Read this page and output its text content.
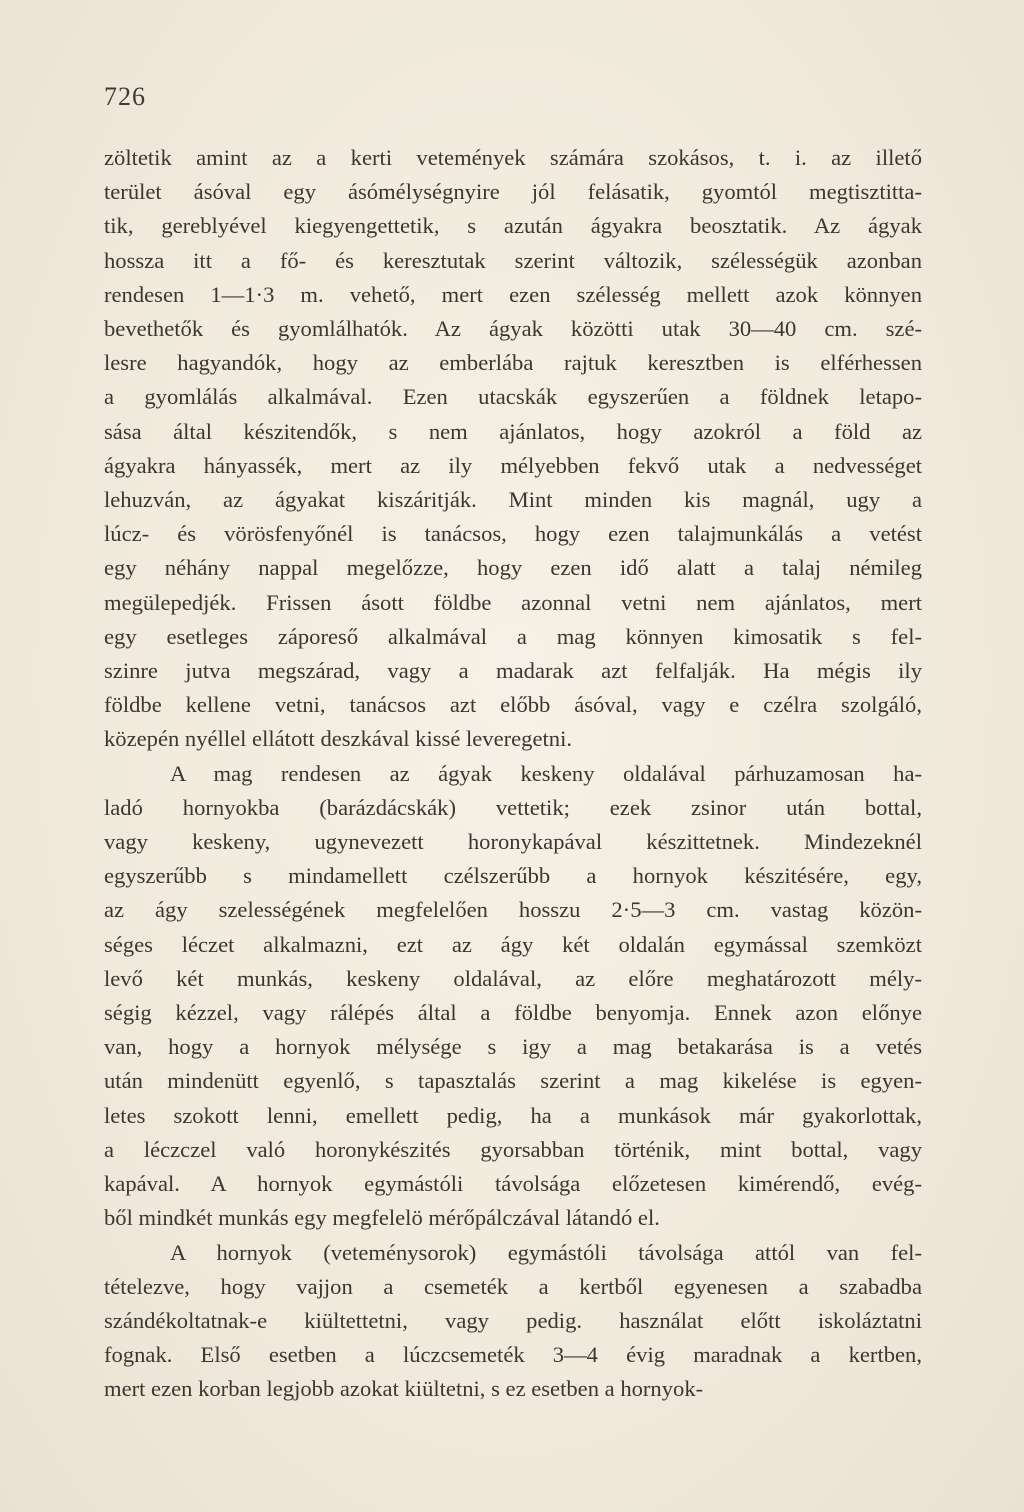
726
zöltetik amint az a kerti vetemények számára szokásos, t. i. az illető
terület ásóval egy ásómélységnyire jól felásatik, gyomtól megtisztitta-
tik, gereblyével kiegyengettetik, s azután ágyakra beosztatik. Az ágyak
hossza itt a fő- és keresztutak szerint változik, szélességük azonban
rendesen 1—1·3 m. vehető, mert ezen szélesség mellett azok könnyen
bevethetők és gyomlálhatók. Az ágyak közötti utak 30—40 cm. szé-
lesre hagyandók, hogy az emberlába rajtuk keresztben is elférhessen
a gyomlálás alkalmával. Ezen utacskák egyszerűen a földnek letapo-
sása által készitendők, s nem ajánlatos, hogy azokról a föld az
ágyakra hányassék, mert az ily mélyebben fekvő utak a nedvességet
lehuzván, az ágyakat kiszáritják. Mint minden kis magnál, ugy a
lúcz- és vörösfenyőnél is tanácsos, hogy ezen talajmunkálás a vetést
egy néhány nappal megelőzze, hogy ezen idő alatt a talaj némileg
megülepedjék. Frissen ásott földbe azonnal vetni nem ajánlatos, mert
egy esetleges záporeső alkalmával a mag könnyen kimosatik s fel-
szinre jutva megszárad, vagy a madarak azt felfalják. Ha mégis ily
földbe kellene vetni, tanácsos azt előbb ásóval, vagy e czélra szolgáló,
közepén nyéllel ellátott deszkával kissé leveregetni.
A mag rendesen az ágyak keskeny oldalával párhuzamosan ha-
ladó hornyokba (barázdácskák) vettetik; ezek zsinor után bottal,
vagy keskeny, ugynevezett horonykapával készittetnek. Mindezeknél
egyszerűbb s mindamellett czélszerűbb a hornyok készitésére, egy,
az ágy szelességének megfelelően hosszu 2·5—3 cm. vastag közön-
séges léczet alkalmazni, ezt az ágy két oldalán egymással szemközt
levő két munkás, keskeny oldalával, az előre meghatározott mély-
ségig kézzel, vagy rálépés által a földbe benyomja. Ennek azon előnye
van, hogy a hornyok mélysége s igy a mag betakarása is a vetés
után mindenütt egyenlő, s tapasztalás szerint a mag kikelése is egyen-
letes szokott lenni, emellett pedig, ha a munkások már gyakorlottak,
a léczczel való horonykészités gyorsabban történik, mint bottal, vagy
kapával. A hornyok egymástóli távolsága előzetesen kimérendő, evég-
ből mindkét munkás egy megfelelö mérőpálczával látandó el.
A hornyok (veteménysorok) egymástóli távolsága attól van fel-
tételezve, hogy vajjon a csemeték a kertből egyenesen a szabadba
szándékoltatnak-e kiültettetni, vagy pedig. használat előtt iskoláztatni
fognak. Első esetben a lúczcsemeték 3—4 évig maradnak a kertben,
mert ezen korban legjobb azokat kiültetni, s ez esetben a hornyok-
